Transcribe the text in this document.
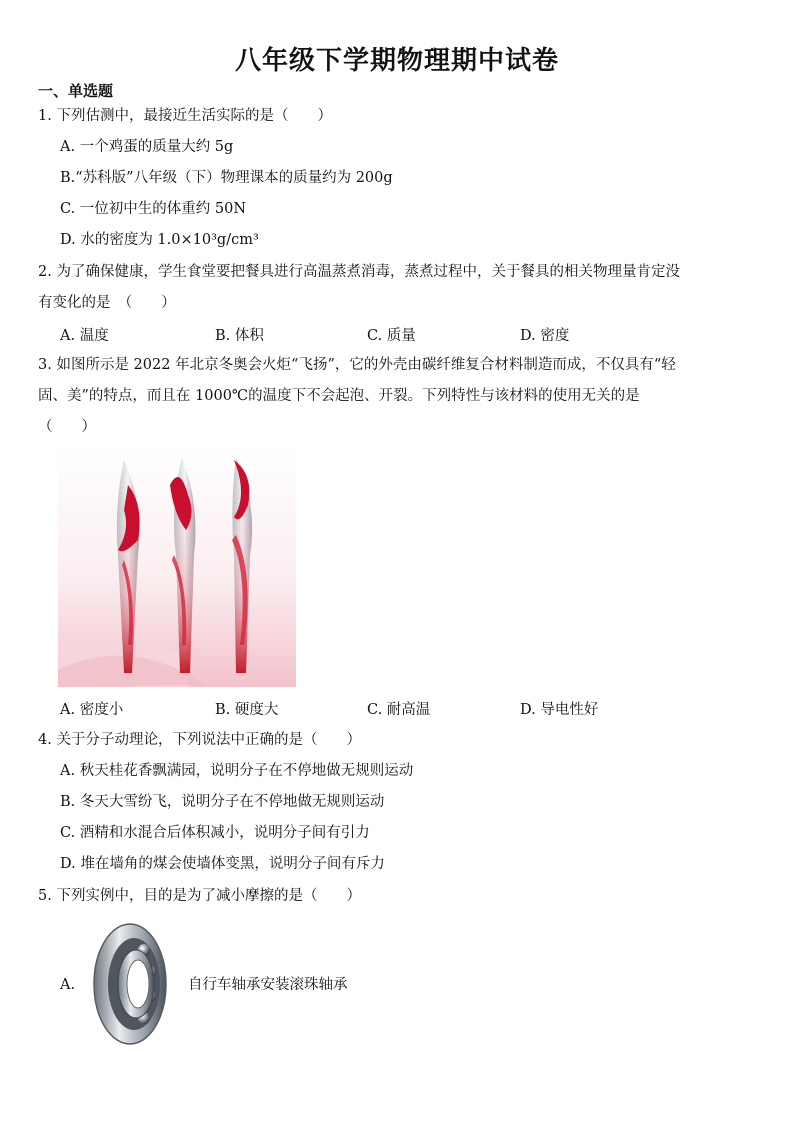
八年级下学期物理期中试卷
一、单选题
1. 下列估测中，最接近生活实际的是（　　）
A. 一个鸡蛋的质量大约 5g
B.“苏科版”八年级（下）物理课本的质量约为 200g
C. 一位初中生的体重约 50N
D. 水的密度为 1.0×10³g/cm³
2. 为了确保健康，学生食堂要把餐具进行高温蒸煮消毒，蒸煮过程中，关于餐具的相关物理量肯定没
有变化的是　（　　）
A. 温度	B. 体积	C. 质量	D. 密度
3. 如图所示是 2022 年北京冬奥会火炬“飞扬”，它的外壳由碳纤维复合材料制造而成，不仅具有“轻
固、美”的特点，而且在 1000℃的温度下不会起泡、开裂。下列特性与该材料的使用无关的是
（　　）
⚑
A. 密度小	B. 硬度大	C. 耐高温	D. 导电性好
4. 关于分子动理论，下列说法中正确的是（　　）
A. 秋天桂花香飘满园，说明分子在不停地做无规则运动
B. 冬天大雪纷飞，说明分子在不停地做无规则运动
C. 酒精和水混合后体积减小，说明分子间有引力
D. 堆在墙角的煤会使墙体变黑，说明分子间有斥力
5. 下列实例中，目的是为了减小摩擦的是（　　）
A.	自行车轴承安装滚珠轴承
